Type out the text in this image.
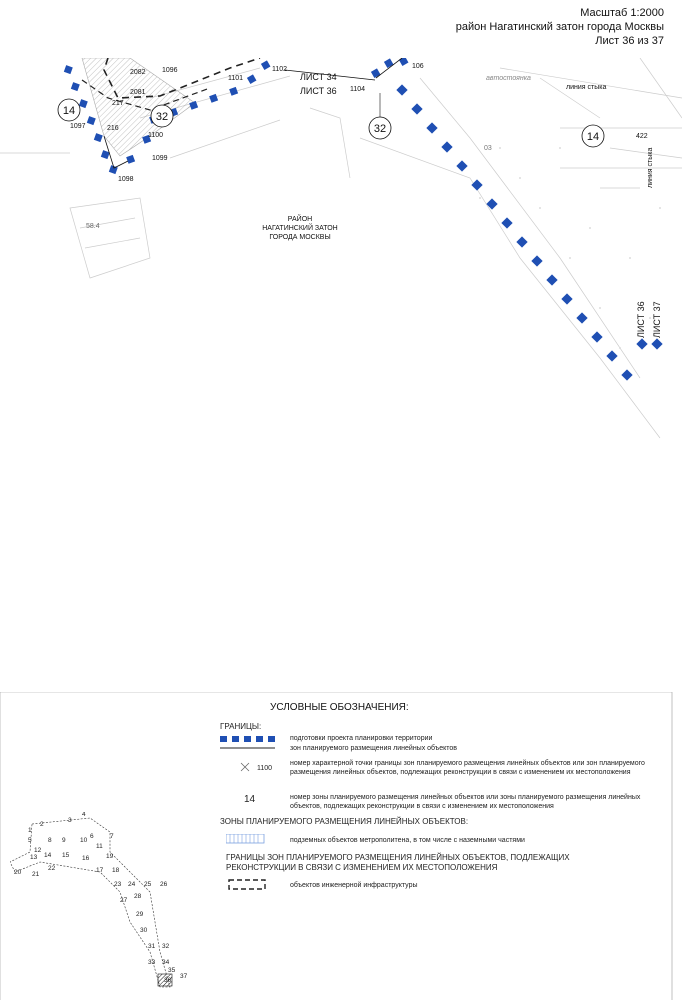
Масштаб 1:2000
район Нагатинский затон города Москвы
Лист 36 из 37
РАЙОН
НАГАТИНСКИЙ ЗАТОН
ГОРОДА МОСКВЫ
ЛИСТ 34
ЛИСТ 36
ЛИСТ 36 ЛИСТ 37
32
32
14
14
1096
1097
1098
1099
1100
1101
1102
1104
106
2082
2081
217
216
422
автостоянка
линия стыка
линия стыка
58.4
03
УСЛОВНЫЕ ОБОЗНАЧЕНИЯ:
ГРАНИЦЫ:
подготовки проекта планировки территории
зон планируемого размещения линейных объектов
1100
номер характерной точки границы зон планируемого размещения линейных объектов или зон планируемого размещения линейных объектов, подлежащих реконструкции в связи с изменением их местоположения
14	номер зоны планируемого размещения линейных объектов или зоны планируемого размещения линейных объектов, подлежащих реконструкции в связи с изменением их местоположения
ЗОНЫ ПЛАНИРУЕМОГО РАЗМЕЩЕНИЯ ЛИНЕЙНЫХ ОБЪЕКТОВ:
подземных объектов метрополитена, в том числе с наземными частями
ГРАНИЦЫ ЗОН ПЛАНИРУЕМОГО РАЗМЕЩЕНИЯ ЛИНЕЙНЫХ ОБЪЕКТОВ, ПОДЛЕЖАЩИХ РЕКОНСТРУКЦИИ В СВЯЗИ С ИЗМЕНЕНИЕМ ИХ МЕСТОПОЛОЖЕНИЯ
объектов инженерной инфраструктуры
1
2
3
4
5
6	7
8 9 10
11
12
13 14 15 16
17 18
19
20 21
22
23 24 25 26
27
28
29
30
31 32
33 34
35
37
